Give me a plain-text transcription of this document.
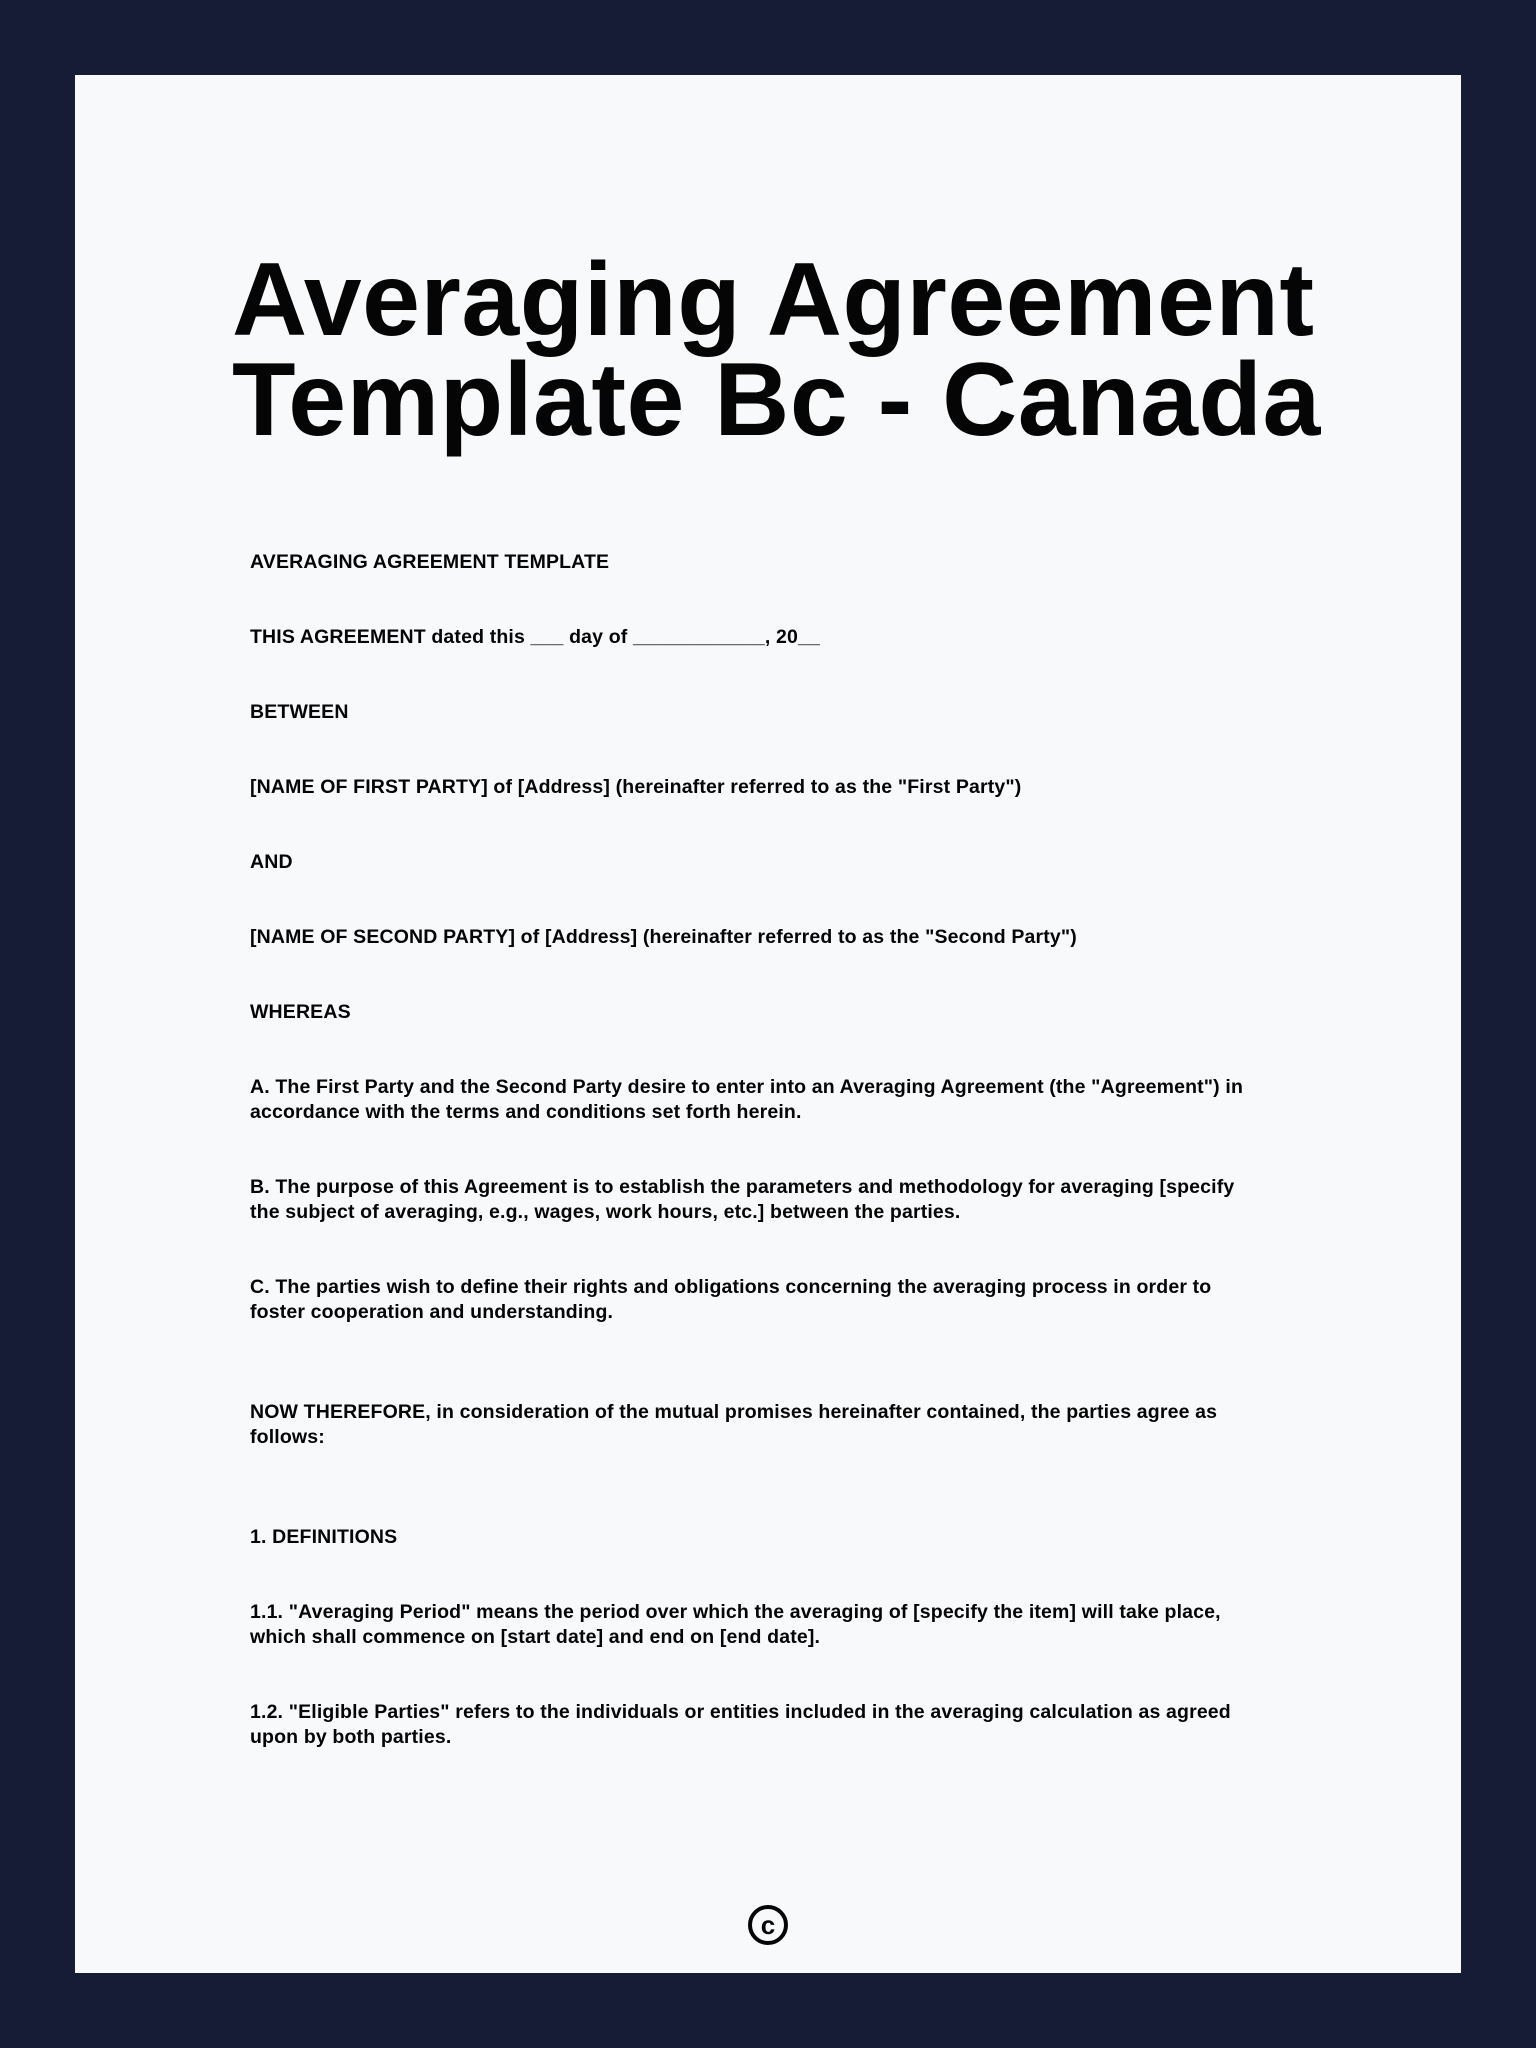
Averaging Agreement
Template Bc - Canada

AVERAGING AGREEMENT TEMPLATE

THIS AGREEMENT dated this ___ day of ____________, 20__

BETWEEN

[NAME OF FIRST PARTY] of [Address] (hereinafter referred to as the "First Party")

AND

[NAME OF SECOND PARTY] of [Address] (hereinafter referred to as the "Second Party")

WHEREAS

A. The First Party and the Second Party desire to enter into an Averaging Agreement (the "Agreement") in accordance with the terms and conditions set forth herein.

B. The purpose of this Agreement is to establish the parameters and methodology for averaging [specify the subject of averaging, e.g., wages, work hours, etc.] between the parties.

C. The parties wish to define their rights and obligations concerning the averaging process in order to foster cooperation and understanding.

NOW THEREFORE, in consideration of the mutual promises hereinafter contained, the parties agree as follows:

1. DEFINITIONS

1.1. "Averaging Period" means the period over which the averaging of [specify the item] will take place, which shall commence on [start date] and end on [end date].

1.2. "Eligible Parties" refers to the individuals or entities included in the averaging calculation as agreed upon by both parties.

c
